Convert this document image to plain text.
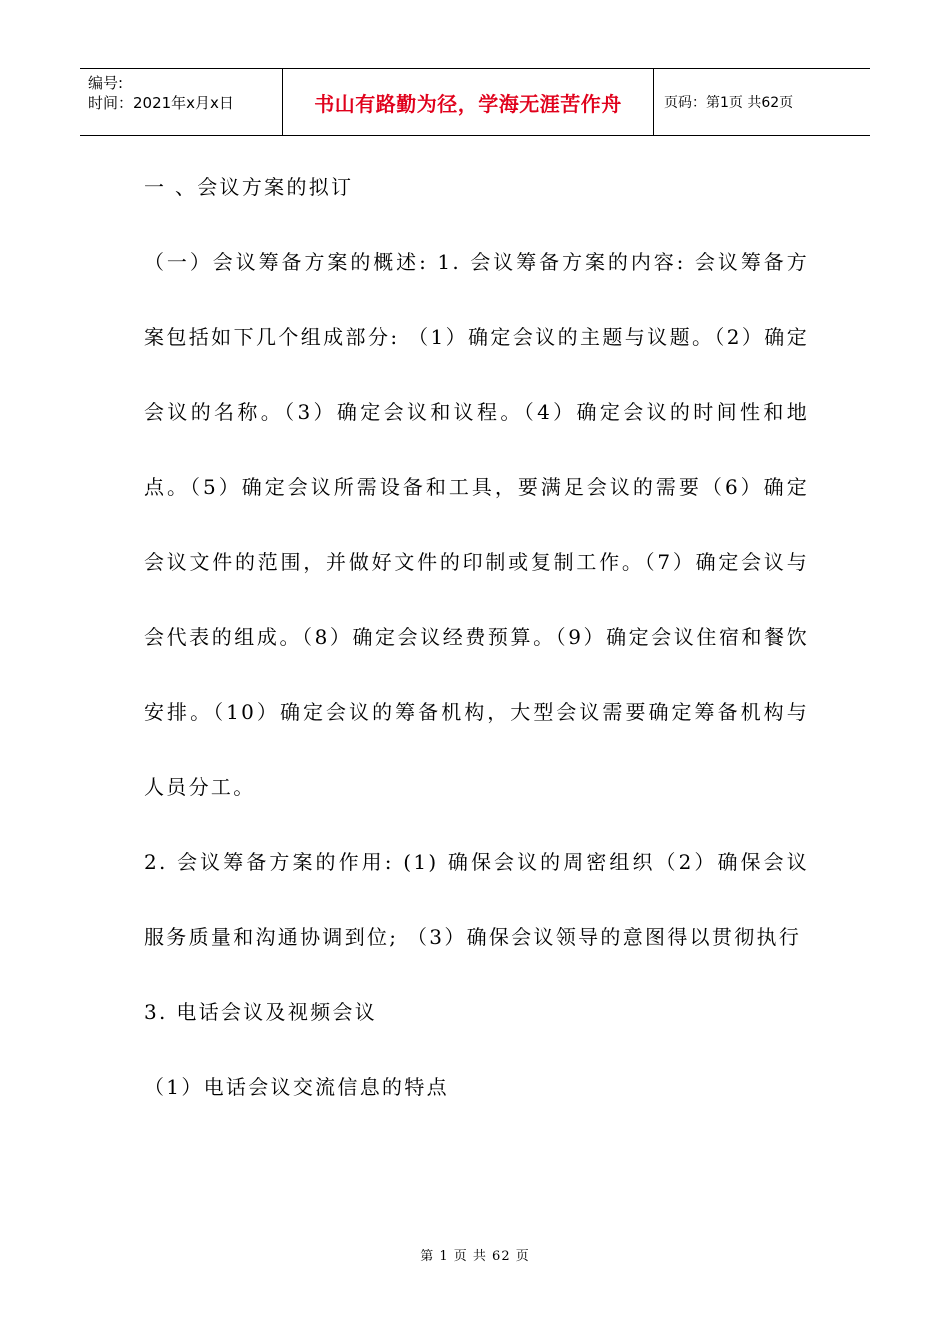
编号:
时间：2021年x月x日	书山有路勤为径，学海无涯苦作舟	页码：第1页 共62页

一 、会议方案的拟订

（一）会议筹备方案的概述: 1. 会议筹备方案的内容: 会议筹备方案包括如下几个组成部分: （1）确定会议的主题与议题。（2）确定会议的名称。（3）确定会议和议程。（4）确定会议的时间性和地点。（5）确定会议所需设备和工具，要满足会议的需要（6）确定会议文件的范围，并做好文件的印制或复制工作。（7）确定会议与会代表的组成。（8）确定会议经费预算。（9）确定会议住宿和餐饮安排。（10）确定会议的筹备机构，大型会议需要确定筹备机构与人员分工。

2. 会议筹备方案的作用: (1) 确保会议的周密组织（2）确保会议服务质量和沟通协调到位; （3）确保会议领导的意图得以贯彻执行

3. 电话会议及视频会议

（1）电话会议交流信息的特点

第 1 页 共 62 页
